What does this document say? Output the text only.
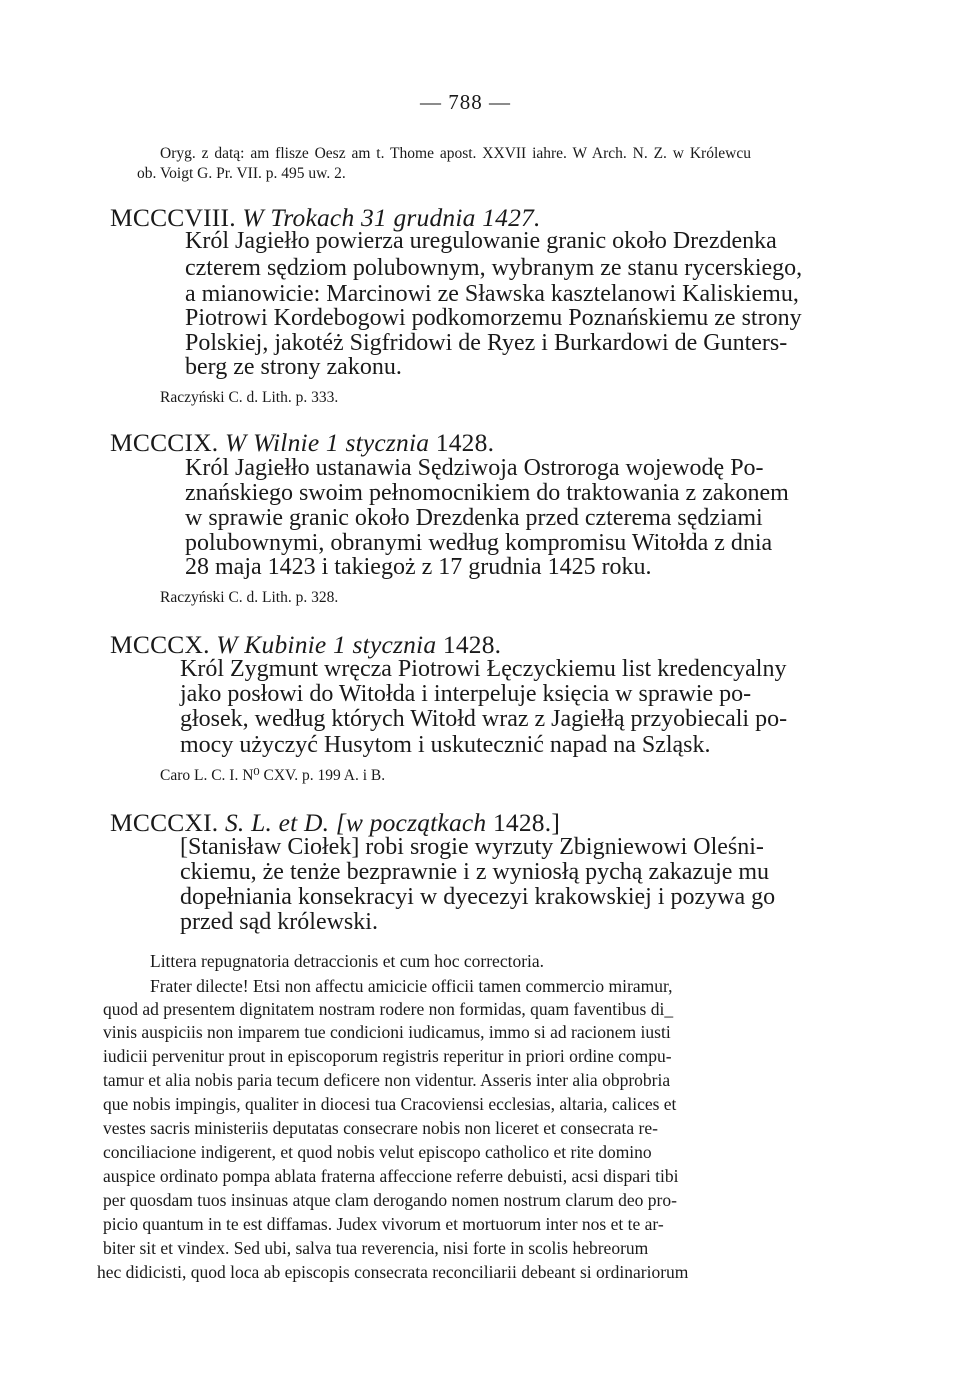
— 788 —
Oryg. z datą: am flisze Oesz am t. Thome apost. XXVII iahre. W Arch. N. Z. w Królewcu
ob. Voigt G. Pr. VII. p. 495 uw. 2.
MCCCVIII. W Trokach 31 grudnia 1427.
Król Jagiełło powierza uregulowanie granic około Drezdenka
czterem sędziom polubownym, wybranym ze stanu rycerskiego,
a mianowicie: Marcinowi ze Sławska kasztelanowi Kaliskiemu,
Piotrowi Kordebogowi podkomorzemu Poznańskiemu ze strony
Polskiej, jakotéż Sigfridowi de Ryez i Burkardowi de Gunters-
berg ze strony zakonu.
Raczyński C. d. Lith. p. 333.
MCCCIX. W Wilnie 1 stycznia 1428.
Król Jagiełło ustanawia Sędziwoja Ostroroga wojewodę Po-
znańskiego swoim pełnomocnikiem do traktowania z zakonem
w sprawie granic około Drezdenka przed czterema sędziami
polubownymi, obranymi według kompromisu Witołda z dnia
28 maja 1423 i takiegoż z 17 grudnia 1425 roku.
Raczyński C. d. Lith. p. 328.
MCCCX. W Kubinie 1 stycznia 1428.
Król Zygmunt wręcza Piotrowi Łęczyckiemu list kredencyalny
jako posłowi do Witołda i interpeluje księcia w sprawie po-
głosek, według których Witołd wraz z Jagiełłą przyobiecali po-
mocy użyczyć Husytom i uskutecznić napad na Szląsk.
Caro L. C. I. N⁰ CXV. p. 199 A. i B.
MCCCXI. S. L. et D. [w początkach 1428.]
[Stanisław Ciołek] robi srogie wyrzuty Zbigniewowi Oleśni-
ckiemu, że tenże bezprawnie i z wyniosłą pychą zakazuje mu
dopełniania konsekracyi w dyecezyi krakowskiej i pozywa go
przed sąd królewski.
Littera repugnatoria detraccionis et cum hoc correctoria.
Frater dilecte! Etsi non affectu amicicie officii tamen commercio miramur,
quod ad presentem dignitatem nostram rodere non formidas, quam faventibus di_
vinis auspiciis non imparem tue condicioni iudicamus, immo si ad racionem iusti
iudicii pervenitur prout in episcoporum registris reperitur in priori ordine compu-
tamur et alia nobis paria tecum deficere non videntur. Asseris inter alia obprobria
que nobis impingis, qualiter in diocesi tua Cracoviensi ecclesias, altaria, calices et
vestes sacris ministeriis deputatas consecrare nobis non liceret et consecrata re-
conciliacione indigerent, et quod nobis velut episcopo catholico et rite domino
auspice ordinato pompa ablata fraterna affeccione referre debuisti, acsi dispari tibi
per quosdam tuos insinuas atque clam derogando nomen nostrum clarum deo pro-
picio quantum in te est diffamas. Judex vivorum et mortuorum inter nos et te ar-
biter sit et vindex. Sed ubi, salva tua reverencia, nisi forte in scolis hebreorum
hec didicisti, quod loca ab episcopis consecrata reconciliarii debeant si ordinariorum
